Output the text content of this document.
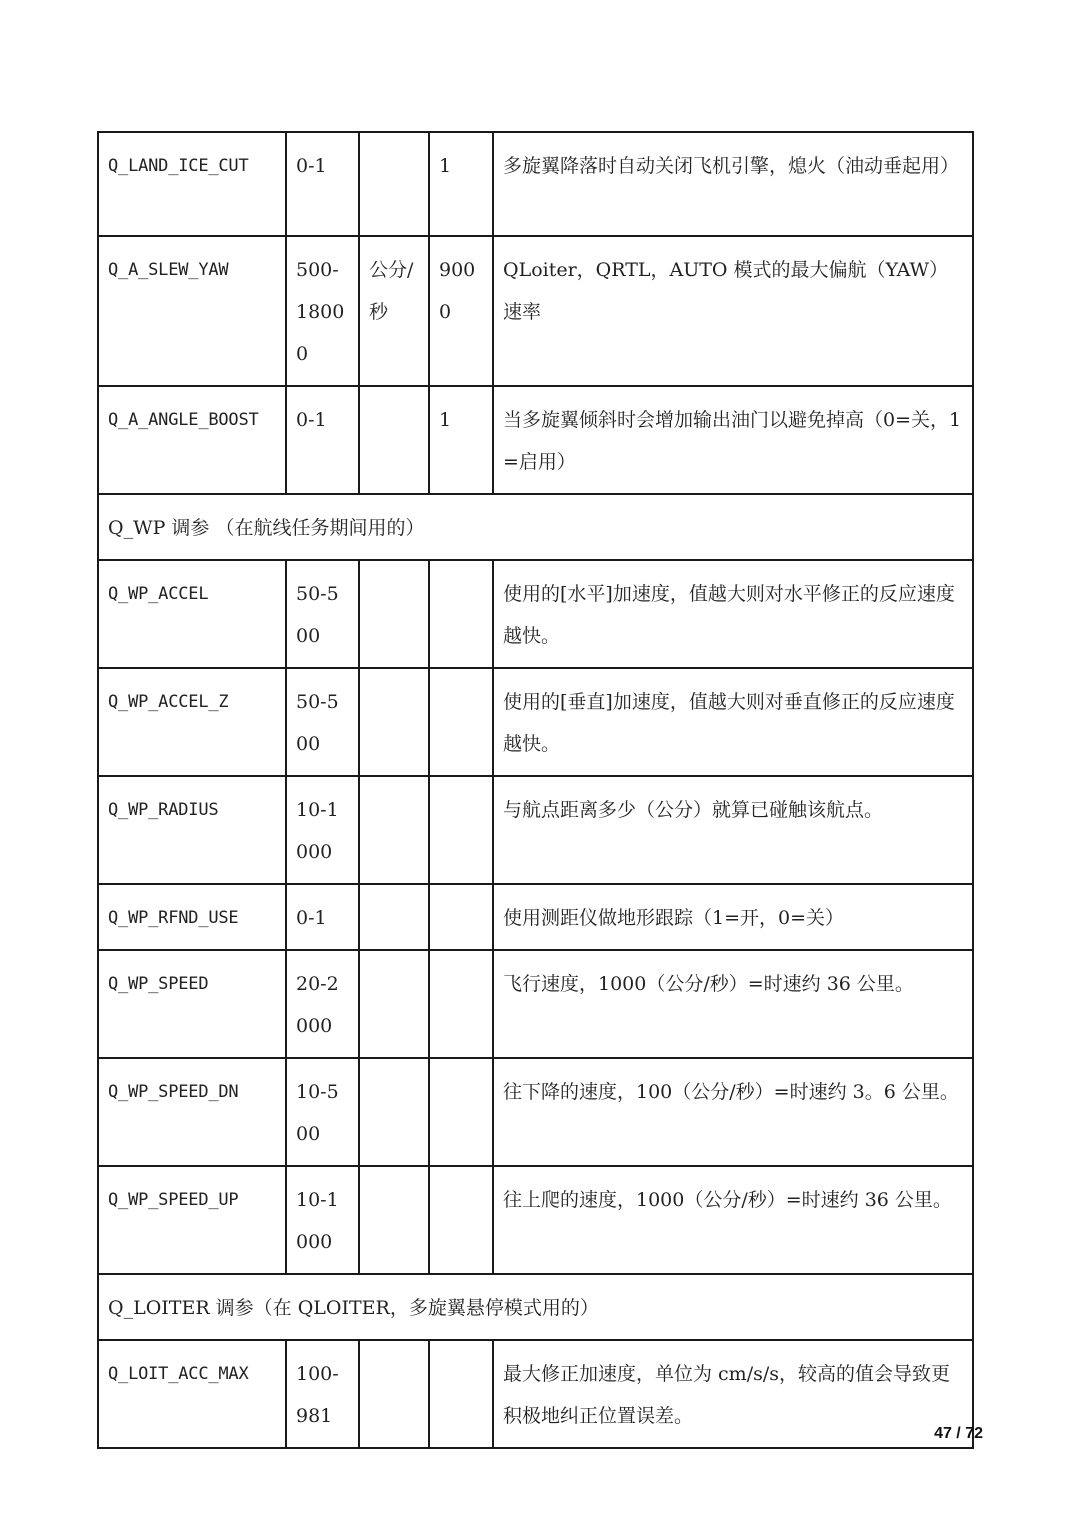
Q_LAND_ICE_CUT	0-1		1	多旋翼降落时自动关闭飞机引擎，熄火（油动垂起用）
Q_A_SLEW_YAW	500-18000	公分/秒	9000	QLoiter，QRTL，AUTO 模式的最大偏航（YAW）速率
Q_A_ANGLE_BOOST	0-1		1	当多旋翼倾斜时会增加输出油门以避免掉高（0=关，1=启用）
Q_WP 调参 （在航线任务期间用的）				
Q_WP_ACCEL	50-500			使用的[水平]加速度，值越大则对水平修正的反应速度越快。
Q_WP_ACCEL_Z	50-500			使用的[垂直]加速度，值越大则对垂直修正的反应速度越快。
Q_WP_RADIUS	10-1000			与航点距离多少（公分）就算已碰触该航点。
Q_WP_RFND_USE	0-1			使用测距仪做地形跟踪（1=开，0=关）
Q_WP_SPEED	20-2000			飞行速度，1000（公分/秒）=时速约 36 公里。
Q_WP_SPEED_DN	10-500			往下降的速度，100（公分/秒）=时速约 3。6 公里。
Q_WP_SPEED_UP	10-1000			往上爬的速度，1000（公分/秒）=时速约 36 公里。
Q_LOITER 调参（在 QLOITER，多旋翼悬停模式用的）				
Q_LOIT_ACC_MAX	100-981			最大修正加速度，单位为 cm/s/s，较高的值会导致更积极地纠正位置误差。
47 / 72
